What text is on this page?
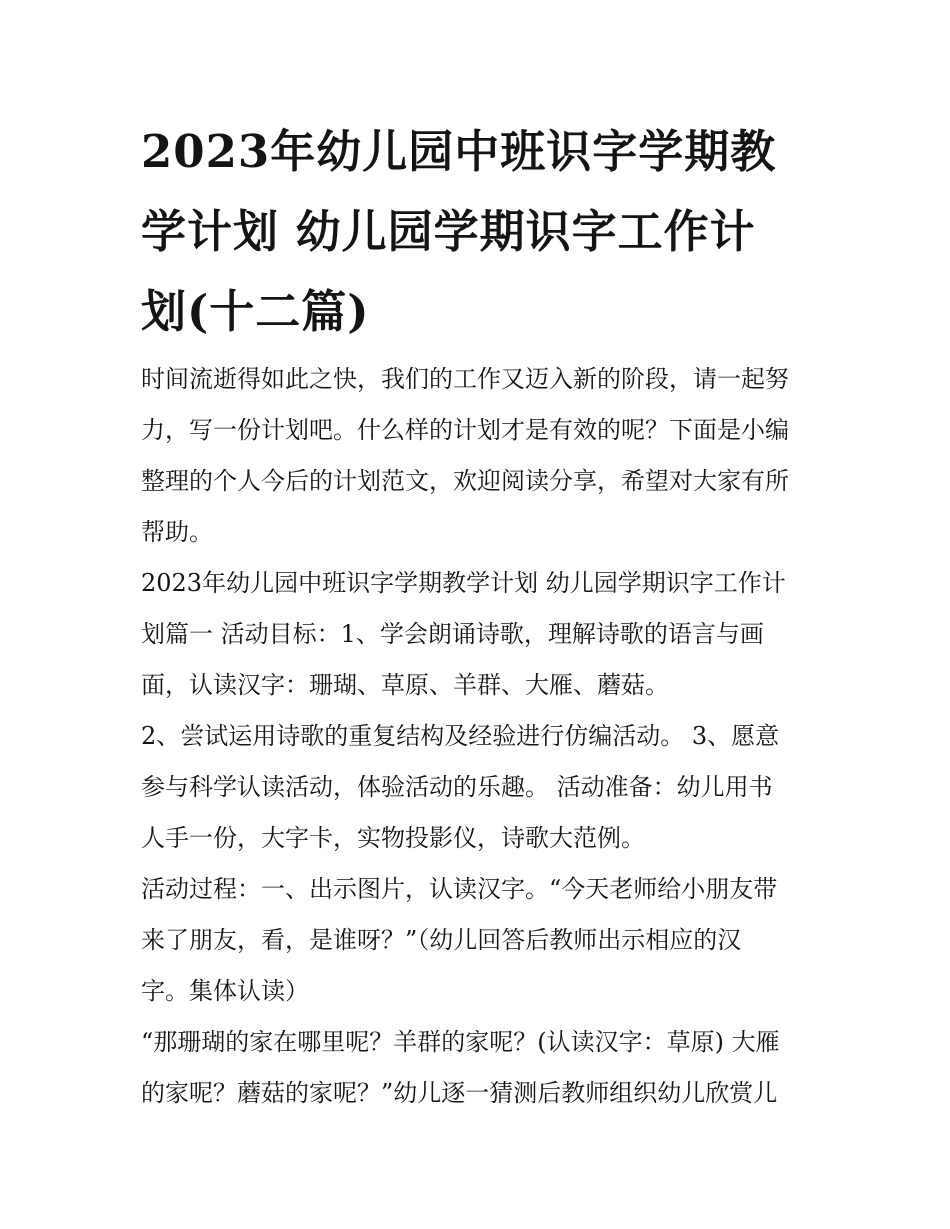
2023年幼儿园中班识字学期教
学计划 幼儿园学期识字工作计
划(十二篇)

时间流逝得如此之快，我们的工作又迈入新的阶段，请一起努
力，写一份计划吧。什么样的计划才是有效的呢？下面是小编
整理的个人今后的计划范文，欢迎阅读分享，希望对大家有所
帮助。

2023年幼儿园中班识字学期教学计划 幼儿园学期识字工作计
划篇一 活动目标：1、学会朗诵诗歌，理解诗歌的语言与画
面，认读汉字：珊瑚、草原、羊群、大雁、蘑菇。

2、尝试运用诗歌的重复结构及经验进行仿编活动。 3、愿意
参与科学认读活动，体验活动的乐趣。 活动准备：幼儿用书
人手一份，大字卡，实物投影仪，诗歌大范例。

活动过程：一、出示图片，认读汉字。“今天老师给小朋友带
来了朋友，看，是谁呀？”（幼儿回答后教师出示相应的汉
字。集体认读）

“那珊瑚的家在哪里呢？羊群的家呢？(认读汉字：草原) 大雁
的家呢？蘑菇的家呢？”幼儿逐一猜测后教师组织幼儿欣赏儿
